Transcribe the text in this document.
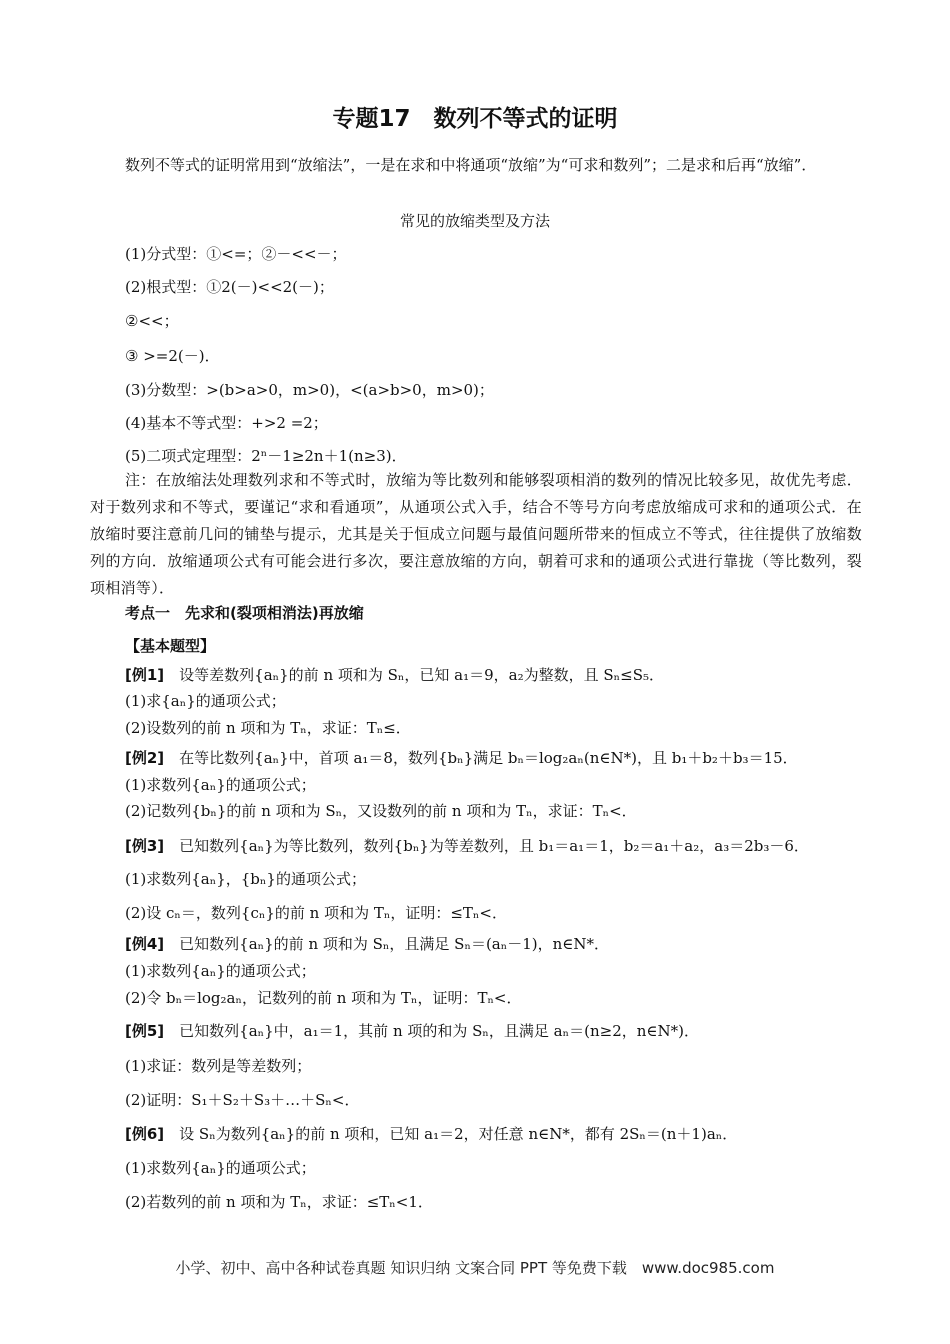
专题17　数列不等式的证明
数列不等式的证明常用到“放缩法”，一是在求和中将通项“放缩”为“可求和数列”；二是求和后再“放缩”．
常见的放缩类型及方法
(1)分式型：①<=；②－<<－；
(2)根式型：①2(－)<<2(－)；
②<<；
③ >=2(－)．
(3)分数型：>(b>a>0，m>0)，<(a>b>0，m>0)；
(4)基本不等式型：+>2 =2；
(5)二项式定理型：2ⁿ－1≥2n＋1(n≥3)．
注：在放缩法处理数列求和不等式时，放缩为等比数列和能够裂项相消的数列的情况比较多见，故优先考虑．对于数列求和不等式，要谨记“求和看通项”，从通项公式入手，结合不等号方向考虑放缩成可求和的通项公式．在放缩时要注意前几问的铺垫与提示，尤其是关于恒成立问题与最值问题所带来的恒成立不等式，往往提供了放缩数列的方向．放缩通项公式有可能会进行多次，要注意放缩的方向，朝着可求和的通项公式进行靠拢（等比数列，裂项相消等）．
考点一　先求和(裂项相消法)再放缩
【基本题型】
[例1]　设等差数列{aₙ}的前 n 项和为 Sₙ，已知 a₁＝9，a₂为整数，且 Sₙ≤S₅．
(1)求{aₙ}的通项公式；
(2)设数列的前 n 项和为 Tₙ，求证：Tₙ≤．
[例2]　在等比数列{aₙ}中，首项 a₁＝8，数列{bₙ}满足 bₙ＝log₂aₙ(n∈N*)，且 b₁＋b₂＋b₃＝15．
(1)求数列{aₙ}的通项公式；
(2)记数列{bₙ}的前 n 项和为 Sₙ，又设数列的前 n 项和为 Tₙ，求证：Tₙ<．
[例3]　已知数列{aₙ}为等比数列，数列{bₙ}为等差数列，且 b₁＝a₁＝1，b₂＝a₁＋a₂，a₃＝2b₃－6．
(1)求数列{aₙ}，{bₙ}的通项公式；
(2)设 cₙ＝，数列{cₙ}的前 n 项和为 Tₙ，证明：≤Tₙ<．
[例4]　已知数列{aₙ}的前 n 项和为 Sₙ，且满足 Sₙ＝(aₙ－1)，n∈N*．
(1)求数列{aₙ}的通项公式；
(2)令 bₙ＝log₂aₙ，记数列的前 n 项和为 Tₙ，证明：Tₙ<．
[例5]　已知数列{aₙ}中，a₁＝1，其前 n 项的和为 Sₙ，且满足 aₙ＝(n≥2，n∈N*)．
(1)求证：数列是等差数列；
(2)证明：S₁＋S₂＋S₃＋…＋Sₙ<．
[例6]　设 Sₙ为数列{aₙ}的前 n 项和，已知 a₁＝2，对任意 n∈N*，都有 2Sₙ＝(n＋1)aₙ．
(1)求数列{aₙ}的通项公式；
(2)若数列的前 n 项和为 Tₙ，求证：≤Tₙ<1．
小学、初中、高中各种试卷真题 知识归纳 文案合同 PPT 等免费下载　www.doc985.com
